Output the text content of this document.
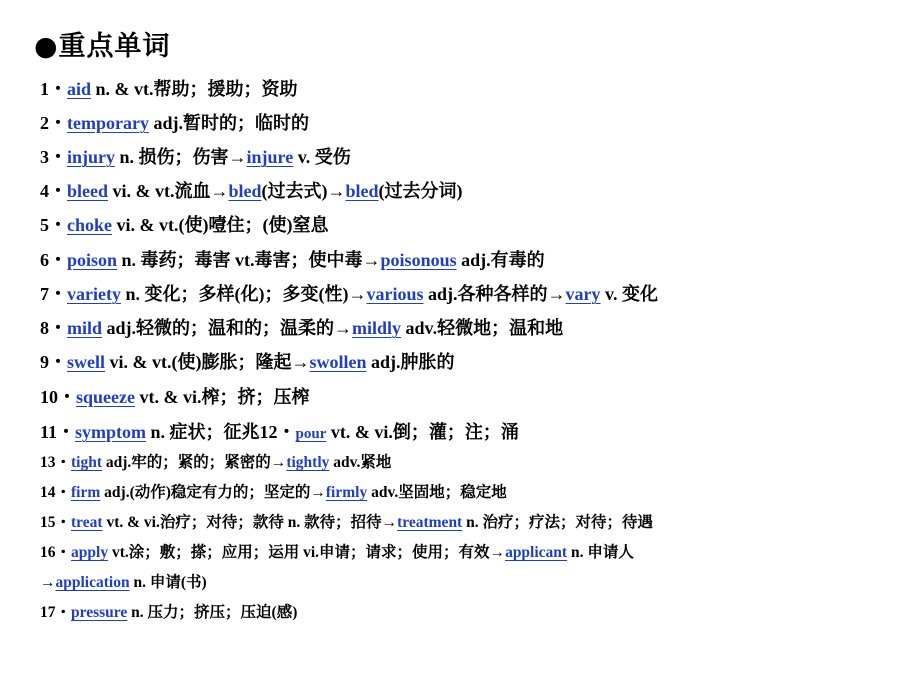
●重点单词
1・aid n. & vt.帮助；援助；资助
2・temporary adj.暂时的；临时的
3・injury n. 损伤；伤害→injure v. 受伤
4・bleed vi. & vt.流血→bled(过去式)→bled(过去分词)
5・choke vi. & vt.(使)噎住；(使)窒息
6・poison n. 毒药；毒害 vt.毒害；使中毒→poisonous adj.有毒的
7・variety n. 变化；多样(化)；多变(性)→various adj.各种各样的→vary v. 变化
8・mild adj.轻微的；温和的；温柔的→mildly adv.轻微地；温和地
9・swell vi. & vt.(使)膨胀；隆起→swollen adj.肿胀的
10・squeeze vt. & vi.榨；挤；压榨
11・symptom n. 症状；征兆12・pour vt. & vi.倒；灌；注；涌
13・tight adj.牢的；紧的；紧密的→tightly adv.紧地
14・firm adj.(动作)稳定有力的；坚定的→firmly adv.坚固地；稳定地
15・treat vt. & vi.治疗；对待；款待 n. 款待；招待→treatment n. 治疗；疗法；对待；待遇
16・apply vt.涂；敷；搽；应用；运用 vi.申请；请求；使用；有效→applicant n. 申请人
→application n. 申请(书)
17・pressure n. 压力；挤压；压迫(感)
